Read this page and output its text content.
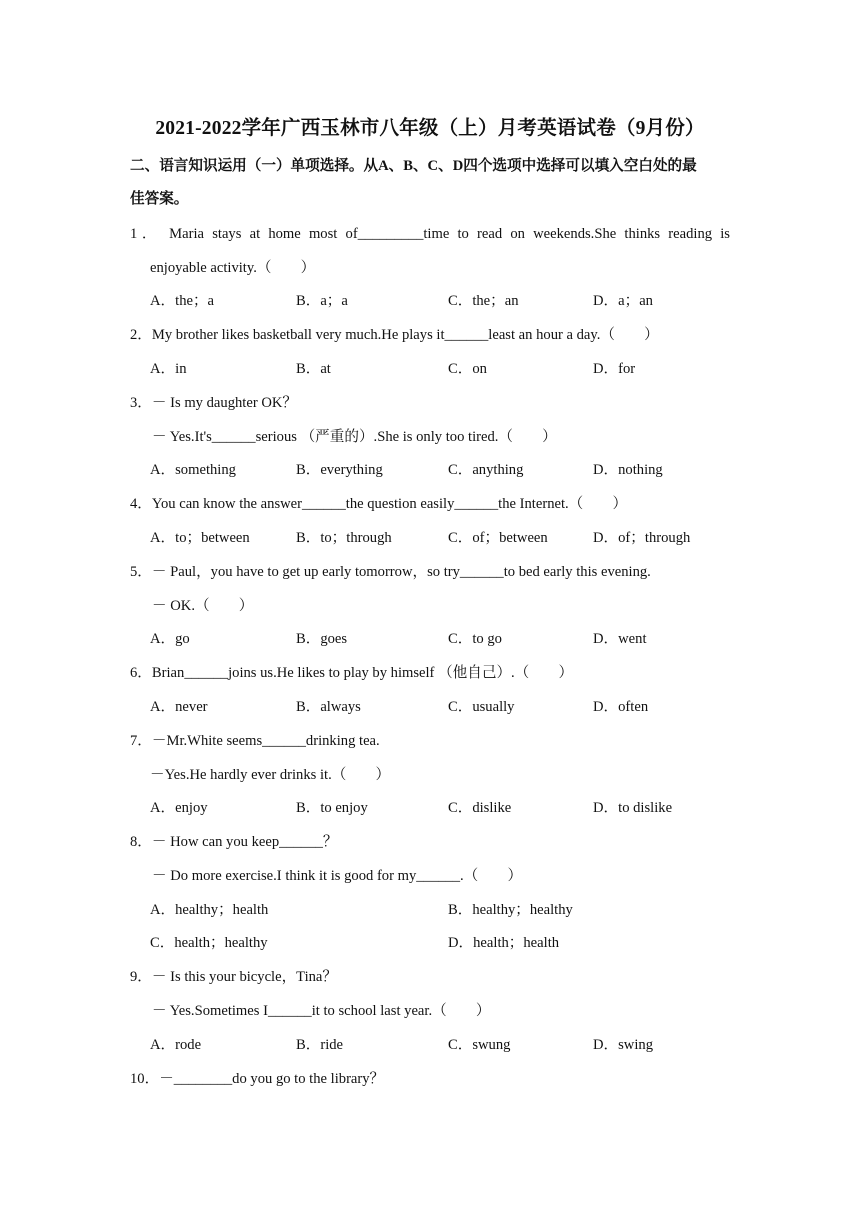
2021-2022学年广西玉林市八年级（上）月考英语试卷（9月份）
二、语言知识运用（一）单项选择。从A、B、C、D四个选项中选择可以填入空白处的最
佳答案。
1． Maria stays at home most of_________time to read on weekends.She thinks reading is
enjoyable activity.（　　）
A．the；a	B．a；a	C．the；an	D．a；an
2．My brother likes basketball very much.He plays it______least an hour a day.（　　）
A．in	B．at	C．on	D．for
3．－ Is my daughter OK？
－ Yes.It's______serious （严重的）.She is only too tired.（　　）
A．something	B．everything	C．anything	D．nothing
4．You can know the answer______the question easily______the Internet.（　　）
A．to；between	B．to；through	C．of；between	D．of；through
5．－ Paul，you have to get up early tomorrow，so try______to bed early this evening.
－ OK.（　　）
A．go	B．goes	C．to go	D．went
6．Brian______joins us.He likes to play by himself （他自己）.（　　）
A．never	B．always	C．usually	D．often
7．－Mr.White seems______drinking tea.
－Yes.He hardly ever drinks it.（　　）
A．enjoy	B．to enjoy	C．dislike	D．to dislike
8．－ How can you keep______？
－ Do more exercise.I think it is good for my______.（　　）
A．healthy；health	B．healthy；healthy
C．health；healthy	D．health；health
9．－ Is this your bicycle，Tina？
－ Yes.Sometimes I______it to school last year.（　　）
A．rode	B．ride	C．swung	D．swing
10．－________do you go to the library？
